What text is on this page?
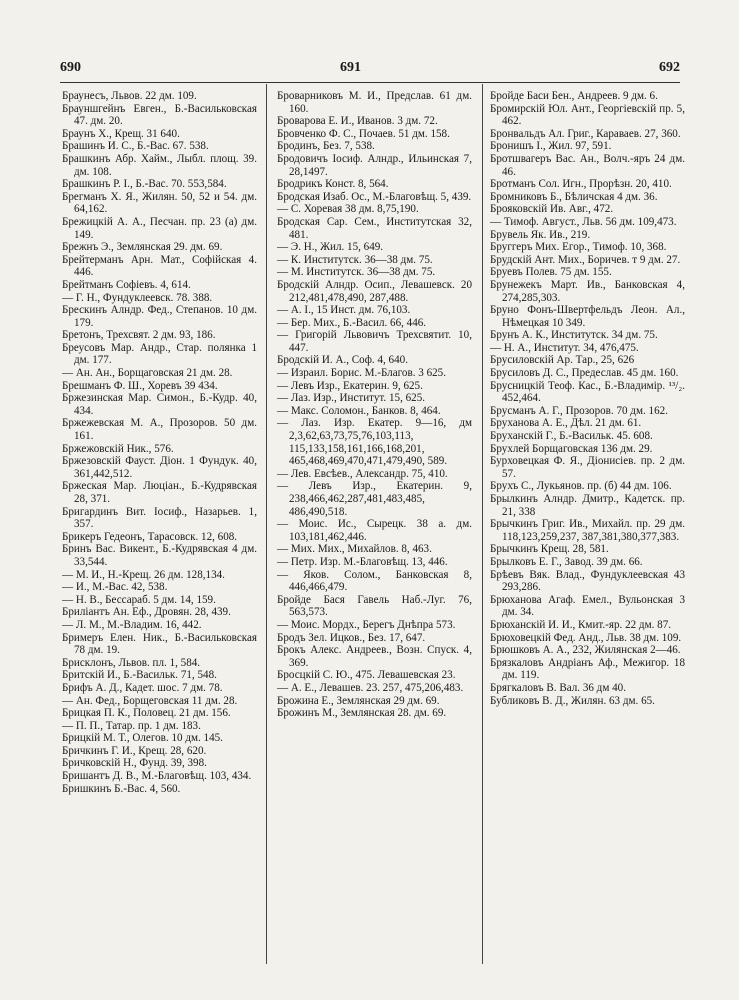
690	691	692

Браунесъ, Львов. 22 дм. 109.

Брауншгейнъ Евген., Б.-Васильковская 47. дм. 20.

Браунъ X., Крещ. 31 640.

Брашинъ И. С., Б.-Вас. 67. 538.

Брашкинъ Абр. Хайм., Лыбл. площ. 39. дм. 108.

Брашкинъ Р. I., Б.-Вас. 70. 553,584.

Брегманъ X. Я., Жилян. 50, 52 и 54. дм. 64,162.

Брежицкій А. А., Песчан. пр. 23 (а) дм. 149.

Брежнъ Э., Землянская 29. дм. 69.

Брейтерманъ Арн. Мат., Софійская 4. 446.

Брейтманъ Софіевъ. 4, 614.

— Г. Н., Фундуклеевск. 78. 388.

Брескинъ Алндр. Фед., Степанов. 10 дм. 179.

Бретонъ, Трехсвят. 2 дм. 93, 186.

Бреусовъ Мар. Андр., Стар. полянка 1 дм. 177.

— Ан. Ан., Борщаговская 21 дм. 28.

Брешманъ Ф. Ш., Хоревъ 39 434.

Бржезинская Мар. Симон., Б.-Кудр. 40, 434.

Бржежевская М. А., Прозоров. 50 дм. 161.

Бржежовскій Ник., 576.

Бржезовскій Фауст. Діон. 1 Фундук. 40, 361,442,512.

Бржеская Мар. Люціан., Б.-Кудрявская 28, 371.

Бригардинъ Вит. Іосиф., Назарьев. 1, 357.

Брикеръ Гедеонъ, Тарасовск. 12, 608.

Бринъ Вас. Викент., Б.-Кудрявская 4 дм. 33,544.

— М. И., Н.-Крещ. 26 дм. 128,134.

— И., М.-Вас. 42, 538.

— Н. В., Бессараб. 5 дм. 14, 159.

Бриліантъ Ан. Еф., Дровян. 28, 439.

— Л. М., М.-Владим. 16, 442.

Бримеръ Елен. Ник., Б.-Васильковская 78 дм. 19.

Брисклонъ, Львов. пл. 1, 584.

Бритскій И., Б.-Васильк. 71, 548.

Брифъ А. Д., Кадет. шос. 7 дм. 78.

— Ан. Фед., Борщеговская 11 дм. 28.

Брицкая П. К., Половец. 21 дм. 156.

— П. П., Татар. пр. 1 дм. 183.

Брицкій М. Т., Олегов. 10 дм. 145.

Бричкинъ Г. И., Крещ. 28, 620.

Бричковскій Н., Фунд. 39, 398.

Бришантъ Д. В., М.-Благовѣщ. 103, 434.

Бришкинъ Б.-Вас. 4, 560.

Броварниковъ М. И., Предслав. 61 дм. 160.

Броварова Е. И., Иванов. 3 дм. 72.

Бровченко Ф. С., Почаев. 51 дм. 158.

Бродинъ, Без. 7, 538.

Бродовичъ Іосиф. Алндр., Ильинская 7, 28,1497.

Бродрикъ Конст. 8, 564.

Бродская Изаб. Ос., М.-Благовѣщ. 5, 439.

— С. Хоревая 38 дм. 8,75,190.

Бродская Сар. Сем., Институтская 32, 481.

— Э. Н., Жил. 15, 649.

— К. Институтск. 36—38 дм. 75.

— М. Институтск. 36—38 дм. 75.

Бродскій Алндр. Осип., Левашевск. 20 212,481,478,490, 287,488.

— А. I., 15 Инст. дм. 76,103.

— Бер. Мих., Б.-Васил. 66, 446.

— Григорій Львовичъ Трехсвятит. 10, 447.

Бродскій И. А., Соф. 4, 640.

— Израил. Борис. М.-Благов. 3 625.

— Левъ Изр., Екатерин. 9, 625.

— Лаз. Изр., Институт. 15, 625.

— Макс. Соломон., Банков. 8, 464.

— Лаз. Изр. Екатер. 9—16, дм 2,3,62,63,73,75,76,103,113, 115,133,158,161,166,168,201, 465,468,469,470,471,479,490, 589.

— Лев. Евсѣев., Александр. 75, 410.

— Левъ Изр., Екатерин. 9, 238,466,462,287,481,483,485, 486,490,518.

— Моис. Ис., Сырецк. 38 а. дм. 103,181,462,446.

— Мих. Мих., Михайлов. 8, 463.

— Петр. Изр. М.-Благовѣщ. 13, 446.

— Яков. Солом., Банковская 8, 446,466,479.

Бройде Бася Гавель Наб.-Луг. 76, 563,573.

— Моис. Мордх., Берегъ Днѣпра 573.

Бродъ Зел. Ицков., Без. 17, 647.

Брокъ Алекс. Андреев., Возн. Спуск. 4, 369.

Бросцкій С. Ю., 475. Левашевская 23.

— А. Е., Левашев. 23. 257, 475,206,483.

Брожина Е., Землянская 29 дм. 69.

Брожинъ М., Землянская 28. дм. 69.

Бройде Баси Бен., Андреев. 9 дм. 6.

Бромирскій Юл. Ант., Георгіевскій пр. 5, 462.

Бронвальдъ Ал. Григ., Караваев. 27, 360.

Бронишъ I., Жил. 97, 591.

Бротшвагеръ Вас. Ан., Волч.-яръ 24 дм. 46.

Бротманъ Сол. Игн., Прорѣзн. 20, 410.

Бромниковъ Б., Бѣличская 4 дм. 36.

Брояковскій Ив. Авг., 472.

— Тимоф. Август., Льв. 56 дм. 109,473.

Брувель Як. Ив., 219.

Бруггеръ Мих. Егор., Тимоф. 10, 368.

Брудскій Ант. Мих., Боричев. т 9 дм. 27.

Бруевъ Полев. 75 дм. 155.

Брунежекъ Март. Ив., Банковская 4, 274,285,303.

Бруно Фонъ-Швертфельдъ Леон. Ал., Нѣмецкая 10 349.

Брунъ А. К., Институтск. 34 дм. 75.

— Н. А., Институт. 34, 476,475.

Брусиловскій Ар. Тар., 25, 626

Брусиловъ Д. С., Предеслав. 45 дм. 160.

Брусницкій Теоф. Кас., Б.-Владимір. ¹³/₂. 452,464.

Брусманъ А. Г., Прозоров. 70 дм. 162.

Бруханова А. Е., Дѣл. 21 дм. 61.

Бруханскій Г., Б.-Васильк. 45. 608.

Брухлей Борщаговская 136 дм. 29.

Бурховецкая Ф. Я., Діонисіев. пр. 2 дм. 57.

Брухъ С., Лукьянов. пр. (б) 44 дм. 106.

Брылкинъ Алндр. Дмитр., Кадетск. пр. 21, 338

Брычкинъ Григ. Ив., Михайл. пр. 29 дм. 118,123,259,237, 387,381,380,377,383.

Брычкинъ Крещ. 28, 581.

Брылковъ Е. Г., Завод. 39 дм. 66.

Брѣевъ Вяк. Влад., Фундуклеевская 43 293,286.

Брюханова Агаф. Емел., Вульонская 3 дм. 34.

Брюханскій И. И., Кмит.-яр. 22 дм. 87.

Брюховецкій Фед. Анд., Льв. 38 дм. 109.

Брюшковъ А. А., 232, Жилянская 2—46.

Брязкаловъ Андріанъ Аф., Межигор. 18 дм. 119.

Брягкаловъ В. Вал. 36 дм 40.

Бубликовъ В. Д., Жилян. 63 дм. 65.
